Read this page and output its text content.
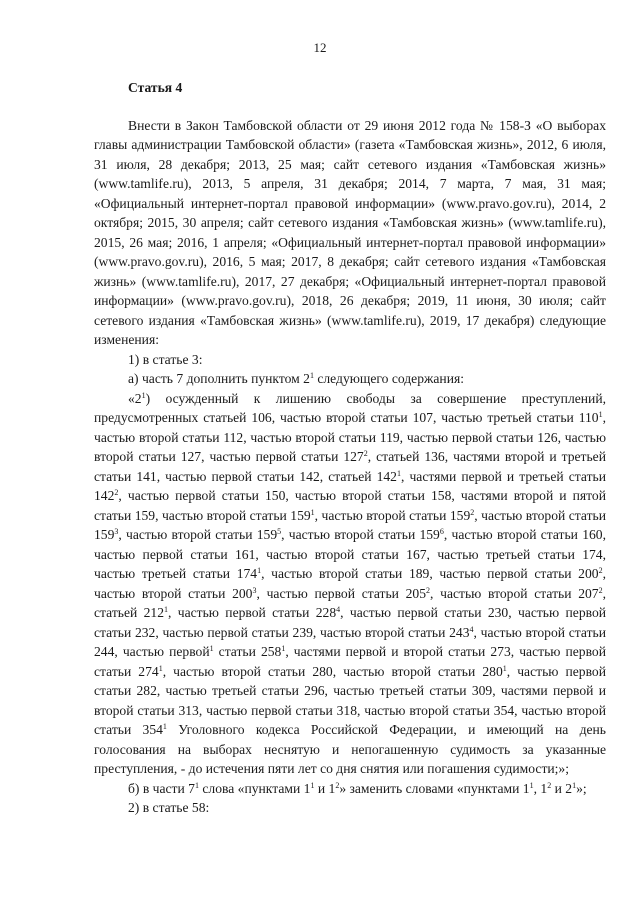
12
Статья 4

Внести в Закон Тамбовской области от 29 июня 2012 года № 158-З «О выборах главы администрации Тамбовской области» (газета «Тамбовская жизнь», 2012, 6 июля, 31 июля, 28 декабря; 2013, 25 мая; сайт сетевого издания «Тамбовская жизнь» (www.tamlife.ru), 2013, 5 апреля, 31 декабря; 2014, 7 марта, 7 мая, 31 мая; «Официальный интернет-портал правовой информации» (www.pravo.gov.ru), 2014, 2 октября; 2015, 30 апреля; сайт сетевого издания «Тамбовская жизнь» (www.tamlife.ru), 2015, 26 мая; 2016, 1 апреля; «Официальный интернет-портал правовой информации» (www.pravo.gov.ru), 2016, 5 мая; 2017, 8 декабря; сайт сетевого издания «Тамбовская жизнь» (www.tamlife.ru), 2017, 27 декабря; «Официальный интернет-портал правовой информации» (www.pravo.gov.ru), 2018, 26 декабря; 2019, 11 июня, 30 июля; сайт сетевого издания «Тамбовская жизнь» (www.tamlife.ru), 2019, 17 декабря) следующие изменения:

1) в статье 3:
а) часть 7 дополнить пунктом $2^1$ следующего содержания:

«$2^1$) осужденный к лишению свободы за совершение преступлений, предусмотренных статьей 106, частью второй статьи 107, частью третьей статьи $110^1$, частью второй статьи 112, частью второй статьи 119, частью первой статьи 126, частью второй статьи 127, частью первой статьи $127^2$, статьей 136, частями второй и третьей статьи 141, частью первой статьи 142, статьей $142^1$, частями первой и третьей статьи $142^2$, частью первой статьи 150, частью второй статьи 158, частями второй и пятой статьи 159, частью второй статьи $159^1$, частью второй статьи $159^2$, частью второй статьи $159^3$, частью второй статьи $159^5$, частью второй статьи $159^6$, частью второй статьи 160, частью первой статьи 161, частью второй статьи 167, частью третьей статьи 174, частью третьей статьи $174^1$, частью второй статьи 189, частью первой статьи $200^2$, частью второй статьи $200^3$, частью первой статьи $205^2$, частью второй статьи $207^2$, статьей $212^1$, частью первой статьи $228^4$, частью первой статьи 230, частью первой статьи 232, частью первой статьи 239, частью второй статьи $243^4$, частью второй статьи 244, частью первой$^1$ статьи $258^1$, частями первой и второй статьи 273, частью первой статьи $274^1$, частью второй статьи 280, частью второй статьи $280^1$, частью первой статьи 282, частью третьей статьи 296, частью третьей статьи 309, частями первой и второй статьи 313, частью первой статьи 318, частью второй статьи 354, частью второй статьи $354^1$ Уголовного кодекса Российской Федерации, и имеющий на день голосования на выборах неснятую и непогашенную судимость за указанные преступления, - до истечения пяти лет со дня снятия или погашения судимости;»;

б) в части $7^1$ слова «пунктами $1^1$ и $1^2$» заменить словами «пунктами $1^1$, $1^2$ и $2^1$»;

2) в статье 58:
